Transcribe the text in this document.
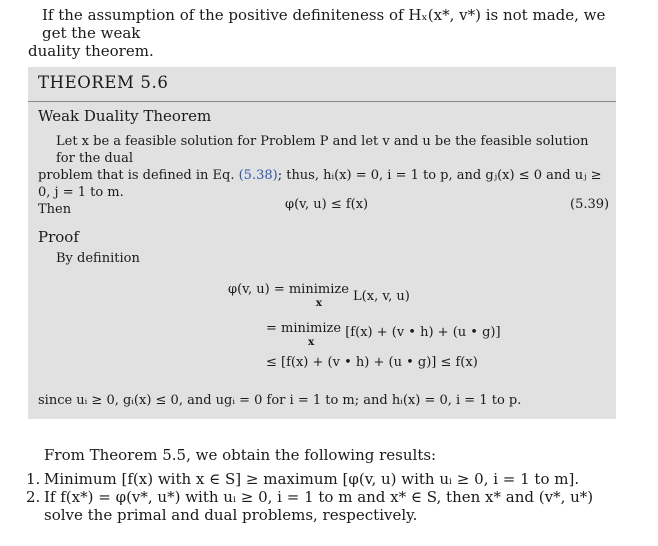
If the assumption of the positive definiteness of Hₓ(x*, v*) is not made, we get the weak
duality theorem.
THEOREM 5.6
Weak Duality Theorem
Let x be a feasible solution for Problem P and let v and u be the feasible solution for the dual
problem that is defined in Eq. (5.38); thus, hᵢ(x) = 0, i = 1 to p, and gⱼ(x) ≤ 0 and uⱼ ≥ 0, j = 1 to m.
Then	φ(v, u) ≤ f(x)	(5.39)
Proof
By definition
φ(v, u) = minimize
x	L(x, v, u)
= minimize
x
[f(x) + (v • h) + (u • g)]
≤ [f(x) + (v • h) + (u • g)] ≤ f(x)
since uᵢ ≥ 0, gᵢ(x) ≤ 0, and ugᵢ = 0 for i = 1 to m; and hᵢ(x) = 0, i = 1 to p.
From Theorem 5.5, we obtain the following results:
1. Minimum [f(x) with x ∈ S] ≥ maximum [φ(v, u) with uᵢ ≥ 0, i = 1 to m].
2. If f(x*) = φ(v*, u*) with uᵢ ≥ 0, i = 1 to m and x* ∈ S, then x* and (v*, u*) solve the primal and dual problems, respectively.
